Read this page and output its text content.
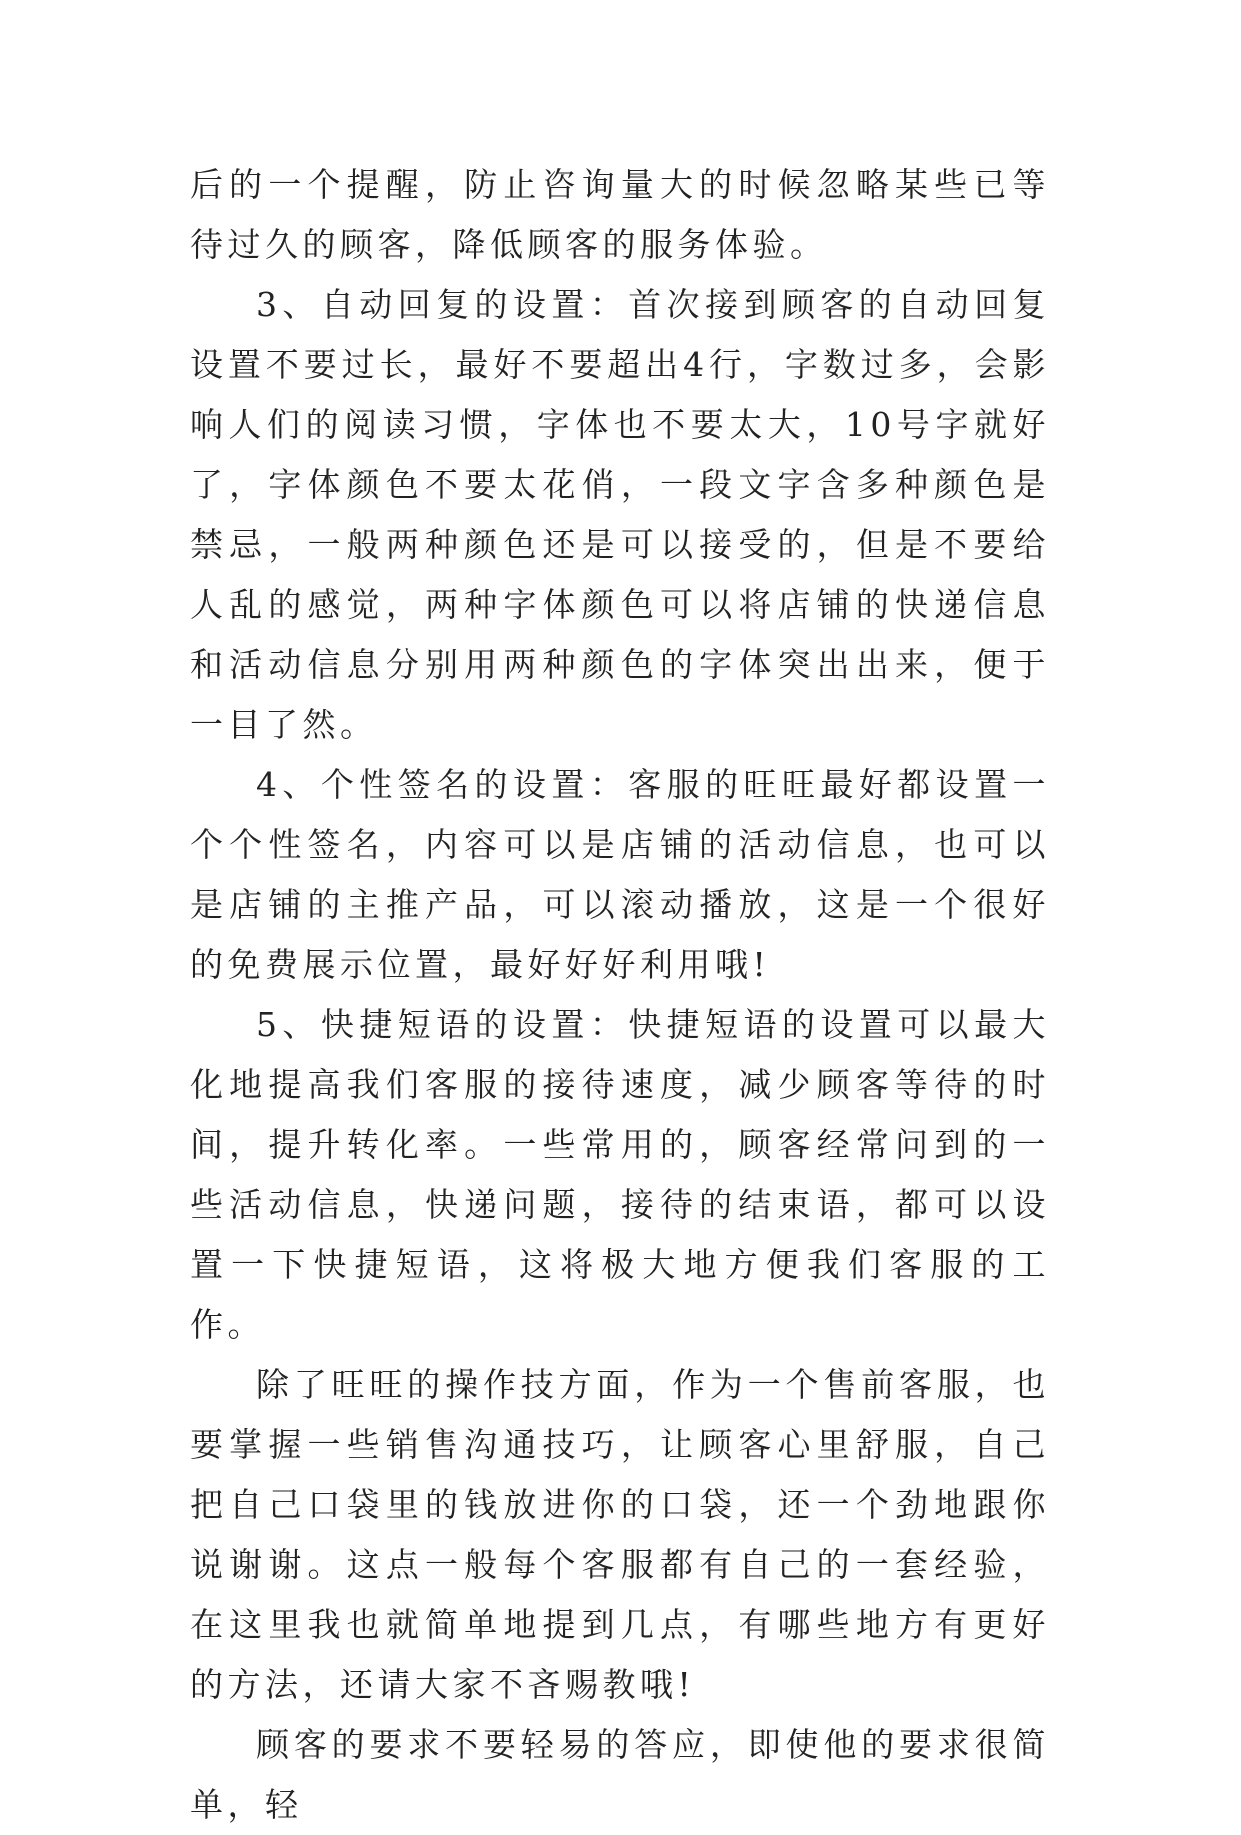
后的一个提醒，防止咨询量大的时候忽略某些已等待过久的顾客，降低顾客的服务体验。

3、自动回复的设置：首次接到顾客的自动回复设置不要过长，最好不要超出4行，字数过多，会影响人们的阅读习惯，字体也不要太大，10号字就好了，字体颜色不要太花俏，一段文字含多种颜色是禁忌，一般两种颜色还是可以接受的，但是不要给人乱的感觉，两种字体颜色可以将店铺的快递信息和活动信息分别用两种颜色的字体突出出来，便于一目了然。

4、个性签名的设置：客服的旺旺最好都设置一个个性签名，内容可以是店铺的活动信息，也可以是店铺的主推产品，可以滚动播放，这是一个很好的免费展示位置，最好好好利用哦!

5、快捷短语的设置：快捷短语的设置可以最大化地提高我们客服的接待速度，减少顾客等待的时间，提升转化率。一些常用的，顾客经常问到的一些活动信息，快递问题，接待的结束语，都可以设置一下快捷短语，这将极大地方便我们客服的工作。

除了旺旺的操作技方面，作为一个售前客服，也要掌握一些销售沟通技巧，让顾客心里舒服，自己把自己口袋里的钱放进你的口袋，还一个劲地跟你说谢谢。这点一般每个客服都有自己的一套经验，在这里我也就简单地提到几点，有哪些地方有更好的方法，还请大家不吝赐教哦!

顾客的要求不要轻易的答应，即使他的要求很简单，轻
